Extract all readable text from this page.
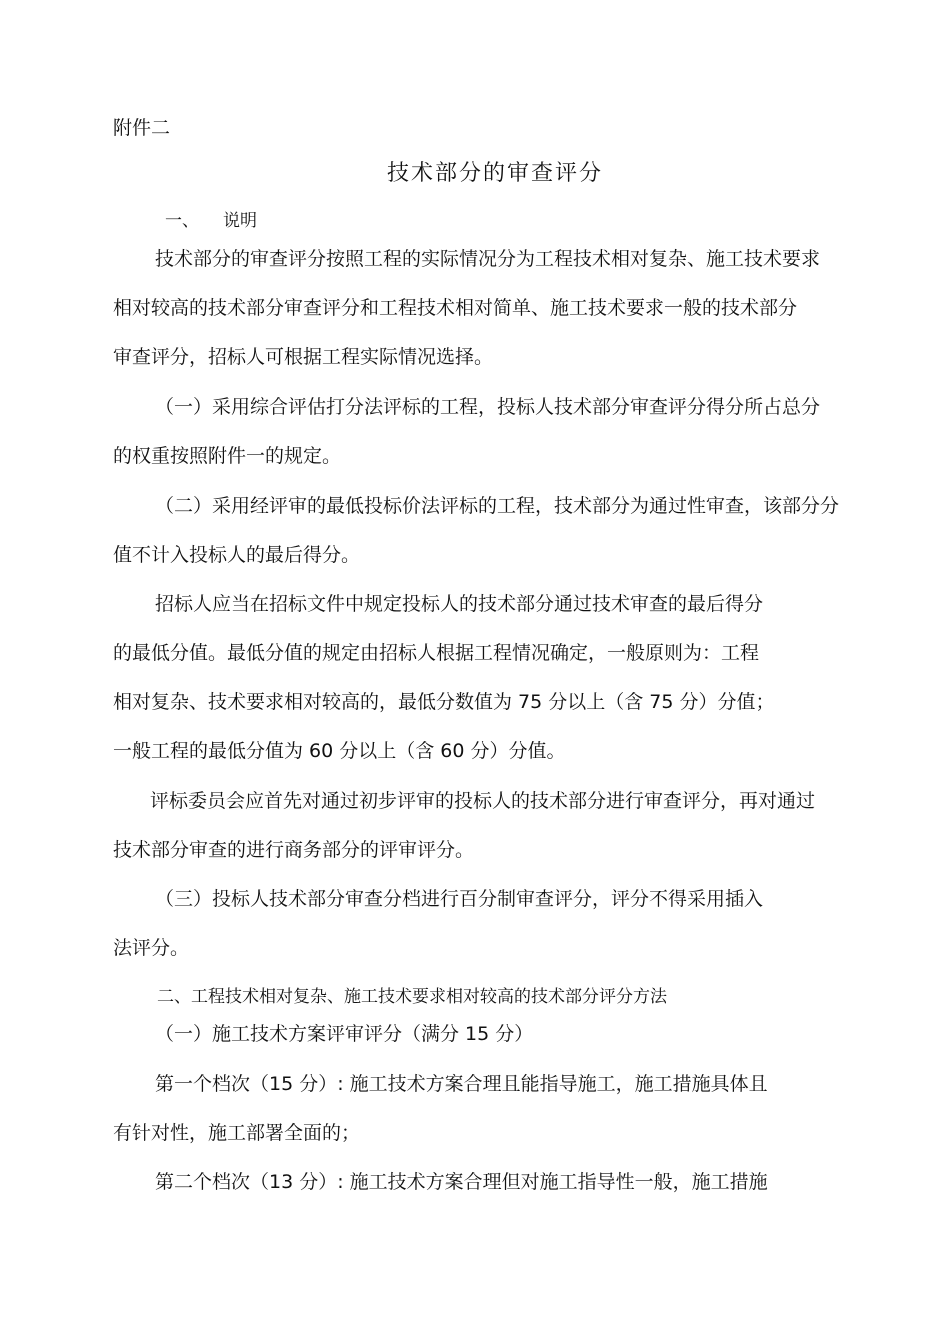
附件二
技术部分的审查评分
一、 说明
技术部分的审查评分按照工程的实际情况分为工程技术相对复杂、施工技术要求
相对较高的技术部分审查评分和工程技术相对简单、施工技术要求一般的技术部分
审查评分，招标人可根据工程实际情况选择。
（一）采用综合评估打分法评标的工程，投标人技术部分审查评分得分所占总分
的权重按照附件一的规定。
（二）采用经评审的最低投标价法评标的工程，技术部分为通过性审查，该部分分
值不计入投标人的最后得分。
招标人应当在招标文件中规定投标人的技术部分通过技术审查的最后得分
的最低分值。最低分值的规定由招标人根据工程情况确定，一般原则为：工程
相对复杂、技术要求相对较高的，最低分数值为 75 分以上（含 75 分）分值；
一般工程的最低分值为 60 分以上（含 60 分）分值。
评标委员会应首先对通过初步评审的投标人的技术部分进行审查评分，再对通过
技术部分审查的进行商务部分的评审评分。
（三）投标人技术部分审查分档进行百分制审查评分，评分不得采用插入
法评分。
二、工程技术相对复杂、施工技术要求相对较高的技术部分评分方法
（一）施工技术方案评审评分（满分 15 分）
第一个档次（15 分）: 施工技术方案合理且能指导施工，施工措施具体且
有针对性，施工部署全面的；
第二个档次（13 分）: 施工技术方案合理但对施工指导性一般，施工措施
